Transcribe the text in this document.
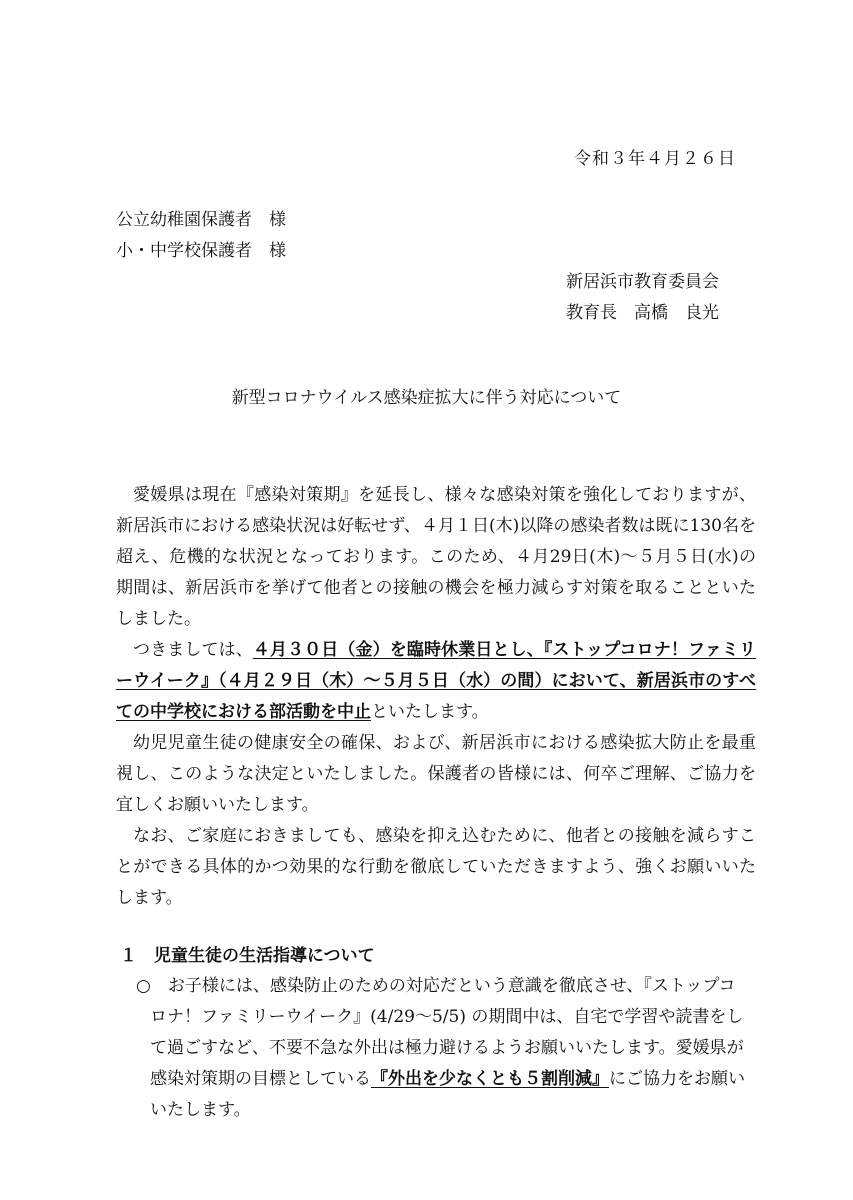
令和３年４月２６日
公立幼稚園保護者　様
小・中学校保護者　様
新居浜市教育委員会
教育長　高橋　良光
新型コロナウイルス感染症拡大に伴う対応について

愛媛県は現在『感染対策期』を延長し、様々な感染対策を強化しておりますが、新居浜市における感染状況は好転せず、４月１日(木)以降の感染者数は既に130名を超え、危機的な状況となっております。このため、４月29日(木)～５月５日(水)の期間は、新居浜市を挙げて他者との接触の機会を極力減らす対策を取ることといたしました。

つきましては、４月３０日（金）を臨時休業日とし、『ストップコロナ！ファミリーウイーク』（４月２９日（木）～５月５日（水）の間）において、新居浜市のすべての中学校における部活動を中止といたします。

幼児児童生徒の健康安全の確保、および、新居浜市における感染拡大防止を最重視し、このような決定といたしました。保護者の皆様には、何卒ご理解、ご協力を宜しくお願いいたします。

なお、ご家庭におきましても、感染を抑え込むために、他者との接触を減らすことができる具体的かつ効果的な行動を徹底していただきますよう、強くお願いいたします。

１　児童生徒の生活指導について

○　 お子様には、感染防止のための対応だという意識を徹底させ、『ストップコロナ！ファミリーウイーク』(4/29～5/5) の期間中は、自宅で学習や読書をして過ごすなど、不要不急な外出は極力避けるようお願いいたします。愛媛県が感染対策期の目標としている『外出を少なくとも５割削減』にご協力をお願いいたします。
